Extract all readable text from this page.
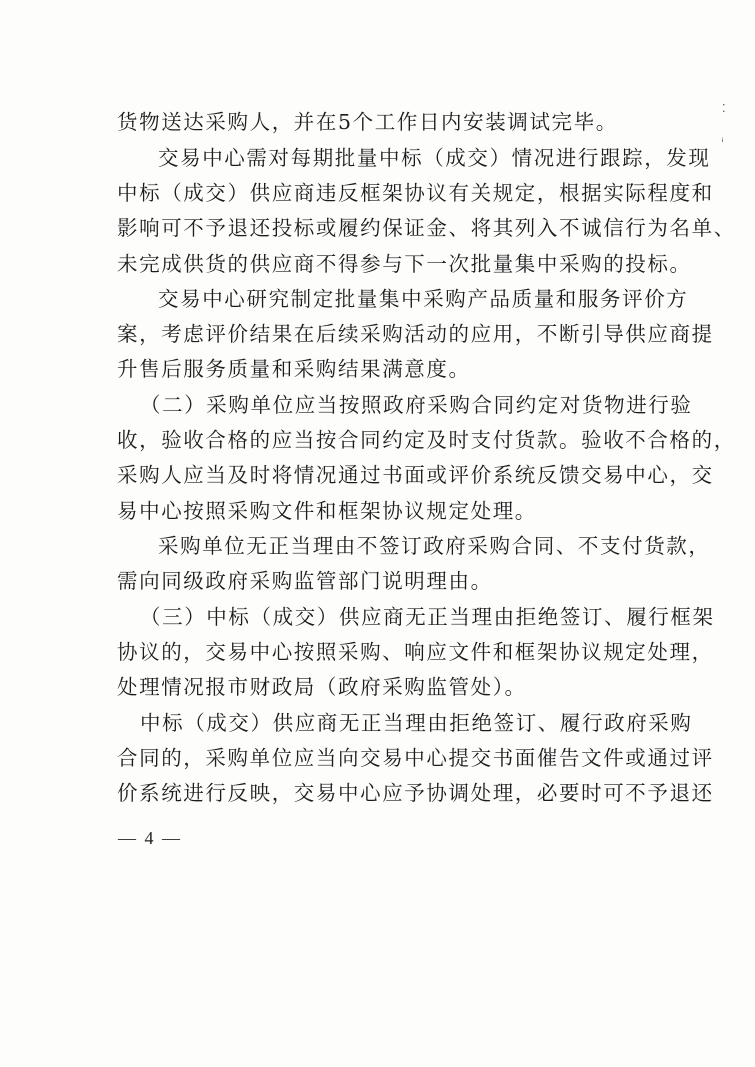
货物送达采购人，并在5个工作日内安装调试完毕。
交易中心需对每期批量中标（成交）情况进行跟踪，发现
中标（成交）供应商违反框架协议有关规定，根据实际程度和
影响可不予退还投标或履约保证金、将其列入不诚信行为名单、
未完成供货的供应商不得参与下一次批量集中采购的投标。
交易中心研究制定批量集中采购产品质量和服务评价方
案，考虑评价结果在后续采购活动的应用，不断引导供应商提
升售后服务质量和采购结果满意度。
（二）采购单位应当按照政府采购合同约定对货物进行验
收，验收合格的应当按合同约定及时支付货款。验收不合格的，
采购人应当及时将情况通过书面或评价系统反馈交易中心，交
易中心按照采购文件和框架协议规定处理。
采购单位无正当理由不签订政府采购合同、不支付货款，
需向同级政府采购监管部门说明理由。
（三）中标（成交）供应商无正当理由拒绝签订、履行框架
协议的，交易中心按照采购、响应文件和框架协议规定处理，
处理情况报市财政局（政府采购监管处）。
中标（成交）供应商无正当理由拒绝签订、履行政府采购
合同的，采购单位应当向交易中心提交书面催告文件或通过评
价系统进行反映，交易中心应予协调处理，必要时可不予退还
— 4 —
⁚
ꜟ
